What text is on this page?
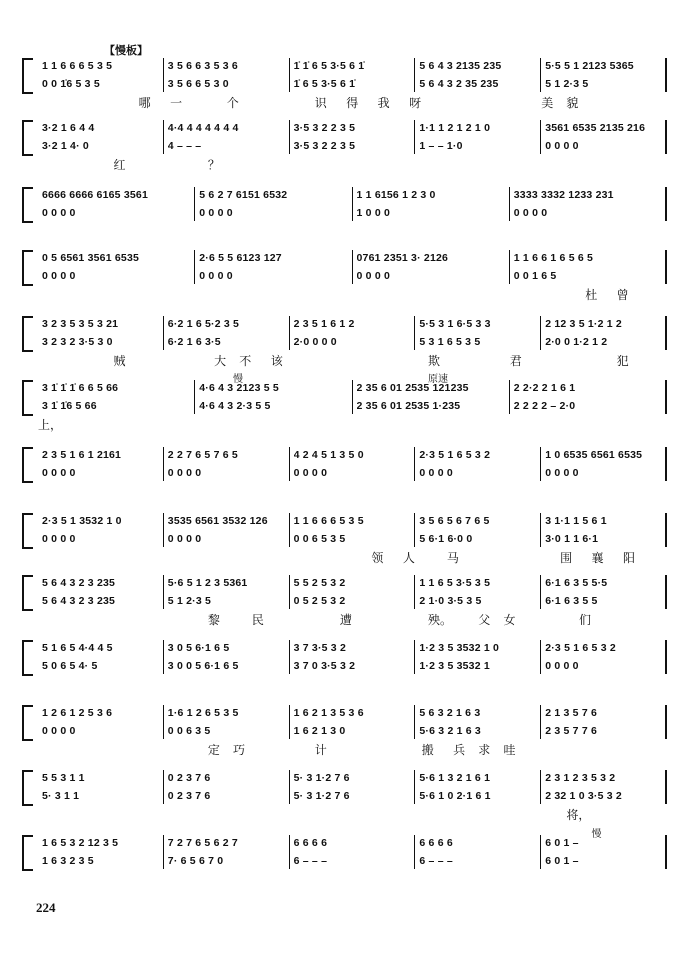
1 1 6 6 6 5 3 5	3 5 6 6 3 5 3 6	1̇ 1̇ 6 5 3·5 6 1̇	5 6 4 3 2135 235	5·5 5 1 2123 5365
0 0 1̇6 5 3 5	3 5 6 6 5 3 0	1̇ 6 5 3·5 6 1̇	5 6 4 3 2 35 235	5 1 2·3 5
哪 一	个	识 得 我 呀	美 貌
3·2 1 6 4 4	4·4 4 4 4 4 4 4	3·5 3 2 2 3 5	1·1 1 2 1 2 1 0	3561 6535 2135 216
3·2 1 4· 0	4 – – –	3·5 3 2 2 3 5	1 – – 1·0	0 0 0 0
红	？
6666 6666 6165 3561	5 6 2 7 6151 6532	1 1 6156 1 2 3 0	3333 3332 1233 231
0 0 0 0	0 0 0 0	1 0 0 0	0 0 0 0
0 5 6561 3561 6535	2·6 5 5 6123 127	0761 2351 3· 2126	1 1 6 6 1 6 5 6 5
0 0 0 0	0 0 0 0	0 0 0 0	0 0 1 6 5
杜 曾
3 2 3 5 3 5 3 21	6·2 1 6 5·2 3 5	2 3 5 1 6 1 2	5·5 3 1 6·5 3 3	2 12 3 5 1·2 1 2
3 2 3 2 3·5 3 0	6·2 1 6 3·5	2·0 0 0 0	5 3 1 6 5 3 5	2·0 0 1·2 1 2
贼	大 不 该	欺	君	犯
3 1̇ 1̇ 1̇ 6 6 5 66	4·6 4 3 2123 5 5	2 35 6 01 2535 121235	2 2·2 2 1 6 1
3 1̇ 1̇6 5 66	4·6 4 3 2·3 5 5	2 35 6 01 2535 1·235	2 2 2 2 – 2·0
上，
2 3 5 1 6 1 2161	2 2 7 6 5 7 6 5	4 2 4 5 1 3 5 0	2·3 5 1 6 5 3 2	1 0 6535 6561 6535
0 0 0 0	0 0 0 0	0 0 0 0	0 0 0 0	0 0 0 0
2·3 5 1 3532 1 0	3535 6561 3532 126	1 1 6 6 6 5 3 5	3 5 6 5 6 7 6 5	3 1·1 1 5 6 1
0 0 0 0	0 0 0 0	0 0 6 5 3 5	5 6·1 6·0 0	3·0 1 1 6·1
领 人	马	围 襄 阳
5 6 4 3 2 3 235	5·6 5 1 2 3 5361	5 5 2 5 3 2	1 1 6 5 3·5 3 5	6·1 6 3 5 5·5
5 6 4 3 2 3 235	5 1 2·3 5	0 5 2 5 3 2	2 1·0 3·5 3 5	6·1 6 3 5 5
黎	民	遭	殃。 父 女	们
5 1 6 5 4·4 4 5	3 0 5 6·1 6 5	3 7 3·5 3 2	1·2 3 5 3532 1 0	2·3 5 1 6 5 3 2
5 0 6 5 4· 5	3 0 0 5 6·1 6 5	3 7 0 3·5 3 2	1·2 3 5 3532 1	0 0 0 0
1 2 6 1 2 5 3 6	1·6 1 2 6 5 3 5	1 6 2 1 3 5 3 6	5 6 3 2 1 6 3	2 1 3 5 7 6
0 0 0 0	0 0 6 3 5	1 6 2 1 3 0	5·6 3 2 1 6 3	2 3 5 7 7 6
定 巧	计	搬 兵 求 哇
5 5 3 1 1	0 2 3 7 6	5· 3 1·2 7 6	5·6 1 3 2 1 6 1	2 3 1 2 3 5 3 2
5· 3 1 1	0 2 3 7 6	5· 3 1·2 7 6	5·6 1 0 2·1 6 1	2 32 1 0 3·5 3 2
将，
1 6 5 3 2 12 3 5	7 2 7 6 5 6 2 7	6 6 6 6	6 6 6 6	6 0 1 –
1 6 3 2 3 5	7· 6 5 6 7 0	6 – – –	6 – – –	6 0 1 –
慢	原速
慢
【慢板】
224
